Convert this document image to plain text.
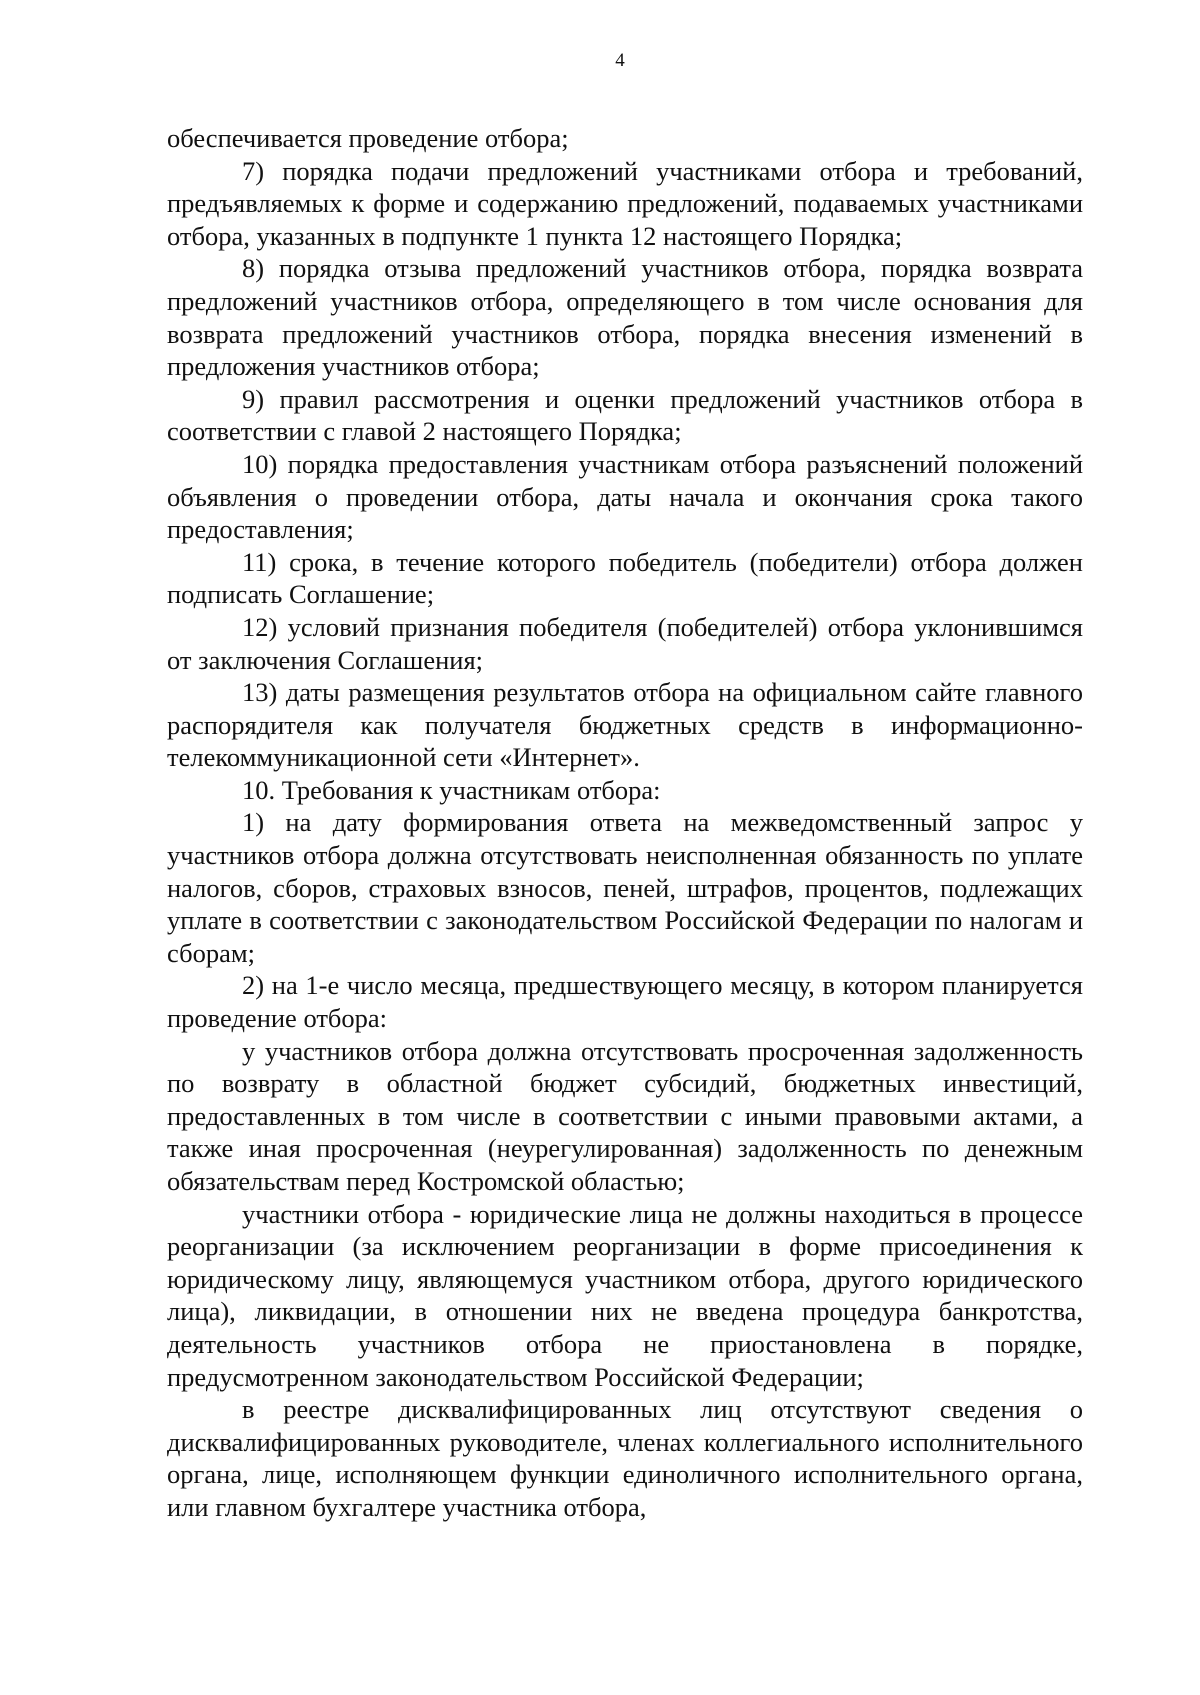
4

обеспечивается проведение отбора;

7) порядка подачи предложений участниками отбора и требований, предъявляемых к форме и содержанию предложений, подаваемых участниками отбора, указанных в подпункте 1 пункта 12 настоящего Порядка;

8) порядка отзыва предложений участников отбора, порядка возврата предложений участников отбора, определяющего в том числе основания для возврата предложений участников отбора, порядка внесения изменений в предложения участников отбора;

9) правил рассмотрения и оценки предложений участников отбора в соответствии с главой 2 настоящего Порядка;

10) порядка предоставления участникам отбора разъяснений положений объявления о проведении отбора, даты начала и окончания срока такого предоставления;

11) срока, в течение которого победитель (победители) отбора должен подписать Соглашение;

12) условий признания победителя (победителей) отбора уклонившимся от заключения Соглашения;

13) даты размещения результатов отбора на официальном сайте главного распорядителя как получателя бюджетных средств в информационно-телекоммуникационной сети «Интернет».

10. Требования к участникам отбора:

1) на дату формирования ответа на межведомственный запрос у участников отбора должна отсутствовать неисполненная обязанность по уплате налогов, сборов, страховых взносов, пеней, штрафов, процентов, подлежащих уплате в соответствии с законодательством Российской Федерации по налогам и сборам;

2) на 1-е число месяца, предшествующего месяцу, в котором планируется проведение отбора:

у участников отбора должна отсутствовать просроченная задолженность по возврату в областной бюджет субсидий, бюджетных инвестиций, предоставленных в том числе в соответствии с иными правовыми актами, а также иная просроченная (неурегулированная) задолженность по денежным обязательствам перед Костромской областью;

участники отбора - юридические лица не должны находиться в процессе реорганизации (за исключением реорганизации в форме присоединения к юридическому лицу, являющемуся участником отбора, другого юридического лица), ликвидации, в отношении них не введена процедура банкротства, деятельность участников отбора не приостановлена в порядке, предусмотренном законодательством Российской Федерации;

в реестре дисквалифицированных лиц отсутствуют сведения о дисквалифицированных руководителе, членах коллегиального исполнительного органа, лице, исполняющем функции единоличного исполнительного органа, или главном бухгалтере участника отбора,
